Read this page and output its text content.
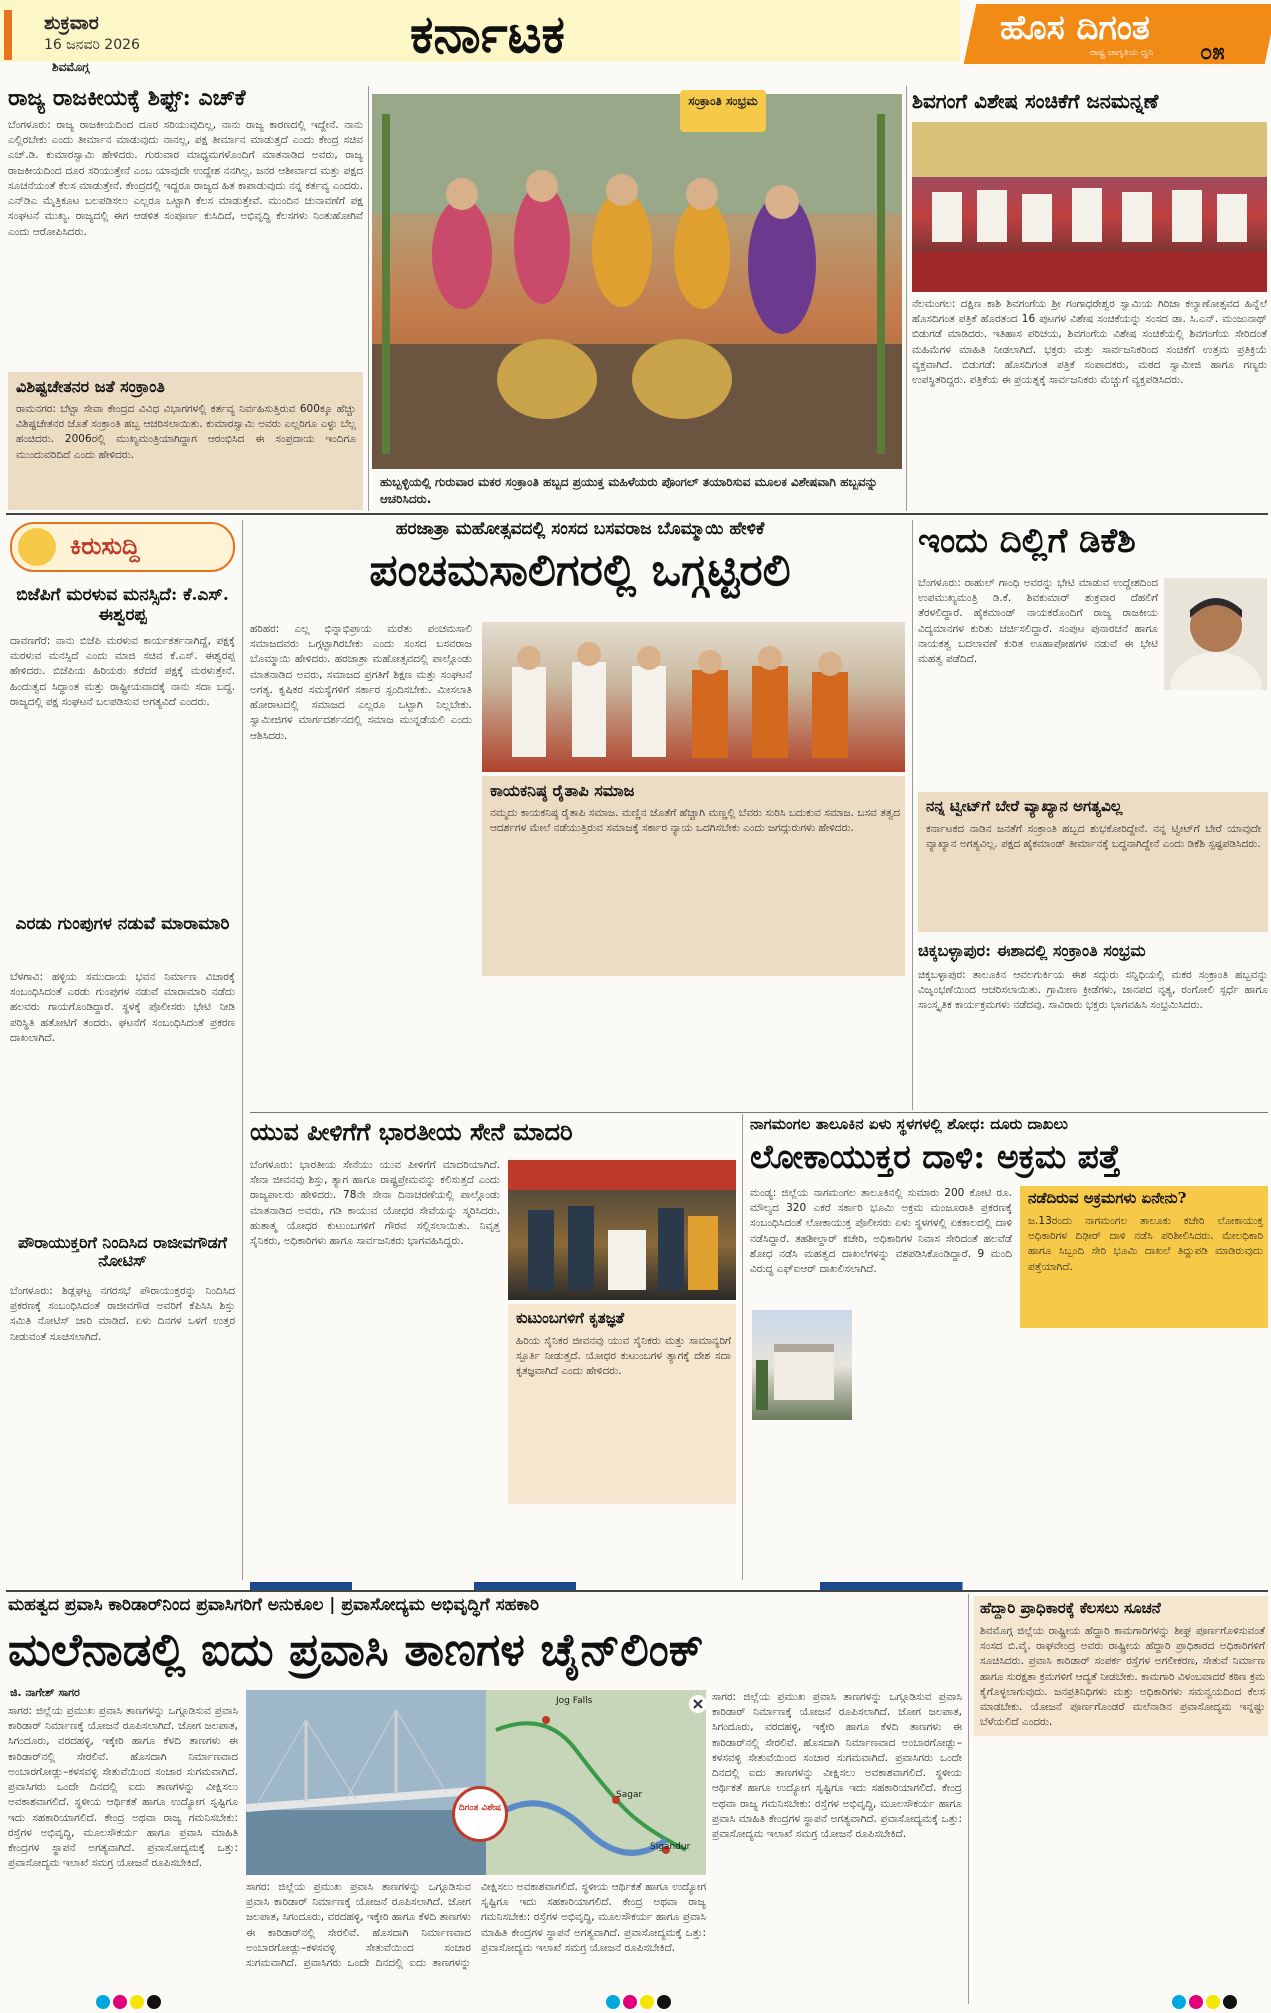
ಶುಕ್ರವಾರ
16 ಜನವರಿ 2026
ಶಿವಮೊಗ್ಗ
ಕರ್ನಾಟಕ	ಹೊಸ ದಿಗಂತ
ರಾಷ್ಟ್ರ ಜಾಗೃತಿಯ ಧ್ವನಿ ೦೫
ರಾಜ್ಯ ರಾಜಕೀಯಕ್ಕೆ ಶಿಫ್ಟ್: ಎಚ್‌ಕೆ
ಬೆಂಗಳೂರು: ರಾಜ್ಯ ರಾಜಕೀಯದಿಂದ ದೂರ ಸರಿಯುವುದಿಲ್ಲ, ನಾನು ರಾಜ್ಯ ಕಾರಣದಲ್ಲಿ ಇದ್ದೇನೆ. ನಾನು ಎಲ್ಲಿರಬೇಕು ಎಂದು ತೀರ್ಮಾನ ಮಾಡುವುದು ನಾನಲ್ಲ, ಪಕ್ಷ ತೀರ್ಮಾನ ಮಾಡುತ್ತದೆ ಎಂದು ಕೇಂದ್ರ ಸಚಿವ ಎಚ್.ಡಿ. ಕುಮಾರಸ್ವಾಮಿ ಹೇಳಿದರು. ಗುರುವಾರ ಮಾಧ್ಯಮಗಳೊಂದಿಗೆ ಮಾತನಾಡಿದ ಅವರು, ರಾಜ್ಯ ರಾಜಕೀಯದಿಂದ ದೂರ ಸರಿಯುತ್ತೇನೆ ಎಂಬ ಯಾವುದೇ ಉದ್ದೇಶ ನನಗಿಲ್ಲ. ಜನರ ಆಶೀರ್ವಾದ ಮತ್ತು ಪಕ್ಷದ ಸೂಚನೆಯಂತೆ ಕೆಲಸ ಮಾಡುತ್ತೇನೆ. ಕೇಂದ್ರದಲ್ಲಿ ಇದ್ದರೂ ರಾಜ್ಯದ ಹಿತ ಕಾಪಾಡುವುದು ನನ್ನ ಕರ್ತವ್ಯ ಎಂದರು. ಎನ್‌ಡಿಎ ಮೈತ್ರಿಕೂಟ ಬಲಪಡಿಸಲು ಎಲ್ಲರೂ ಒಟ್ಟಾಗಿ ಕೆಲಸ ಮಾಡುತ್ತೇವೆ. ಮುಂದಿನ ಚುನಾವಣೆಗೆ ಪಕ್ಷ ಸಂಘಟನೆ ಮುಖ್ಯ. ರಾಜ್ಯದಲ್ಲಿ ಈಗ ಆಡಳಿತ ಸಂಪೂರ್ಣ ಕುಸಿದಿದೆ, ಅಭಿವೃದ್ಧಿ ಕೆಲಸಗಳು ನಿಂತುಹೋಗಿವೆ ಎಂದು ಆರೋಪಿಸಿದರು.
ವಿಶಿಷ್ಟಚೇತನರ ಜತೆ ಸಂಕ್ರಾಂತಿ
ರಾಮನಗರ: ಬೆಟ್ಟಾ ಸೇವಾ ಕೇಂದ್ರದ ವಿವಿಧ ವಿಭಾಗಗಳಲ್ಲಿ ಕರ್ತವ್ಯ ನಿರ್ವಹಿಸುತ್ತಿರುವ 600ಕ್ಕೂ ಹೆಚ್ಚು ವಿಶಿಷ್ಟಚೇತನರ ಜೊತೆ ಸಂಕ್ರಾಂತಿ ಹಬ್ಬ ಆಚರಿಸಲಾಯಿತು. ಕುಮಾರಸ್ವಾಮಿ ಅವರು ಎಲ್ಲರಿಗೂ ಎಳ್ಳು ಬೆಲ್ಲ ಹಂಚಿದರು. 2006ರಲ್ಲಿ ಮುಖ್ಯಮಂತ್ರಿಯಾಗಿದ್ದಾಗ ಆರಂಭಿಸಿದ ಈ ಸಂಪ್ರದಾಯ ಇಂದಿಗೂ ಮುಂದುವರಿದಿದೆ ಎಂದು ಹೇಳಿದರು.
ಸಂಕ್ರಾಂತಿ ಸಂಭ್ರಮ
ಹುಬ್ಬಳ್ಳಿಯಲ್ಲಿ ಗುರುವಾರ ಮಕರ ಸಂಕ್ರಾಂತಿ ಹಬ್ಬದ ಪ್ರಯುಕ್ತ ಮಹಿಳೆಯರು ಪೊಂಗಲ್ ತಯಾರಿಸುವ ಮೂಲಕ ವಿಶೇಷವಾಗಿ ಹಬ್ಬವನ್ನು ಆಚರಿಸಿದರು.
ಶಿವಗಂಗೆ ವಿಶೇಷ ಸಂಚಿಕೆಗೆ ಜನಮನ್ನಣೆ
ನೆಲಮಂಗಲ: ದಕ್ಷಿಣ ಕಾಶಿ ಶಿವಗಂಗೆಯ ಶ್ರೀ ಗಂಗಾಧರೇಶ್ವರ ಸ್ವಾಮಿಯ ಗಿರಿಜಾ ಕಲ್ಯಾಣೋತ್ಸವದ ಹಿನ್ನೆಲೆ ಹೊಸದಿಗಂತ ಪತ್ರಿಕೆ ಹೊರತಂದ 16 ಪುಟಗಳ ವಿಶೇಷ ಸಂಚಿಕೆಯನ್ನು ಸಂಸದ ಡಾ. ಸಿ.ಎನ್. ಮಂಜುನಾಥ್ ಬಿಡುಗಡೆ ಮಾಡಿದರು. ಇತಿಹಾಸ ಪರಿಚಯ, ಶಿವಗಂಗೆಯ ವಿಶೇಷ ಸಂಚಿಕೆಯಲ್ಲಿ ಶಿವಗಂಗೆಯ ಸೇರಿದಂತೆ ಮಹಿಮೆಗಳ ಮಾಹಿತಿ ನೀಡಲಾಗಿದೆ. ಭಕ್ತರು ಮತ್ತು ಸಾರ್ವಜನಿಕರಿಂದ ಸಂಚಿಕೆಗೆ ಉತ್ತಮ ಪ್ರತಿಕ್ರಿಯೆ ವ್ಯಕ್ತವಾಗಿದೆ. ಬಿಡುಗಡೆ: ಹೊಸದಿಗಂತ ಪತ್ರಿಕೆ ಸಂಪಾದಕರು, ಮಠದ ಸ್ವಾಮೀಜಿ ಹಾಗೂ ಗಣ್ಯರು ಉಪಸ್ಥಿತರಿದ್ದರು. ಪತ್ರಿಕೆಯ ಈ ಪ್ರಯತ್ನಕ್ಕೆ ಸಾರ್ವಜನಿಕರು ಮೆಚ್ಚುಗೆ ವ್ಯಕ್ತಪಡಿಸಿದರು.
ಕಿರುಸುದ್ದಿ
ಬಿಜೆಪಿಗೆ ಮರಳುವ ಮನಸ್ಸಿದೆ: ಕೆ.ಎಸ್. ಈಶ್ವರಪ್ಪ
ದಾವಣಗೆರೆ: ನಾನು ಬಿಜೆಪಿ ಮರಳುವ ಕಾರ್ಯಕರ್ತನಾಗಿದ್ದೆ, ಪಕ್ಷಕ್ಕೆ ಮರಳುವ ಮನಸ್ಸಿದೆ ಎಂದು ಮಾಜಿ ಸಚಿವ ಕೆ.ಎಸ್. ಈಶ್ವರಪ್ಪ ಹೇಳಿದರು. ಬಿಜೆಪಿಯ ಹಿರಿಯರು ಕರೆದರೆ ಪಕ್ಷಕ್ಕೆ ಮರಳುತ್ತೇನೆ. ಹಿಂದುತ್ವದ ಸಿದ್ಧಾಂತ ಮತ್ತು ರಾಷ್ಟ್ರೀಯವಾದಕ್ಕೆ ನಾನು ಸದಾ ಬದ್ಧ. ರಾಜ್ಯದಲ್ಲಿ ಪಕ್ಷ ಸಂಘಟನೆ ಬಲಪಡಿಸುವ ಅಗತ್ಯವಿದೆ ಎಂದರು.
ಎರಡು ಗುಂಪುಗಳ ನಡುವೆ ಮಾರಾಮಾರಿ
ಬೆಳಗಾವಿ: ಹಳ್ಳಿಯ ಸಮುದಾಯ ಭವನ ನಿರ್ಮಾಣ ವಿಚಾರಕ್ಕೆ ಸಂಬಂಧಿಸಿದಂತೆ ಎರಡು ಗುಂಪುಗಳ ನಡುವೆ ಮಾರಾಮಾರಿ ನಡೆದು ಹಲವರು ಗಾಯಗೊಂಡಿದ್ದಾರೆ. ಸ್ಥಳಕ್ಕೆ ಪೊಲೀಸರು ಭೇಟಿ ನೀಡಿ ಪರಿಸ್ಥಿತಿ ಹತೋಟಿಗೆ ತಂದರು. ಘಟನೆಗೆ ಸಂಬಂಧಿಸಿದಂತೆ ಪ್ರಕರಣ ದಾಖಲಾಗಿದೆ.
ಪೌರಾಯುಕ್ತರಿಗೆ ನಿಂದಿಸಿದ ರಾಜೀವಗೌಡಗೆ ನೋಟಿಸ್
ಬೆಂಗಳೂರು: ಶಿಡ್ಲಘಟ್ಟ ನಗರಸಭೆ ಪೌರಾಯುಕ್ತರನ್ನು ನಿಂದಿಸಿದ ಪ್ರಕರಣಕ್ಕೆ ಸಂಬಂಧಿಸಿದಂತೆ ರಾಜೀವಗೌಡ ಅವರಿಗೆ ಕೆಪಿಸಿಸಿ ಶಿಸ್ತು ಸಮಿತಿ ನೋಟಿಸ್ ಜಾರಿ ಮಾಡಿದೆ. ಏಳು ದಿನಗಳ ಒಳಗೆ ಉತ್ತರ ನೀಡುವಂತೆ ಸೂಚಿಸಲಾಗಿದೆ.
ಹರಜಾತ್ರಾ ಮಹೋತ್ಸವದಲ್ಲಿ ಸಂಸದ ಬಸವರಾಜ ಬೊಮ್ಮಾಯಿ ಹೇಳಿಕೆ
ಪಂಚಮಸಾಲಿಗರಲ್ಲಿ ಒಗ್ಗಟ್ಟಿರಲಿ
ಹರಿಹರ: ಎಲ್ಲ ಭಿನ್ನಾಭಿಪ್ರಾಯ ಮರೆತು ಪಂಚಮಸಾಲಿ ಸಮಾಜದವರು ಒಗ್ಗಟ್ಟಾಗಿರಬೇಕು ಎಂದು ಸಂಸದ ಬಸವರಾಜ ಬೊಮ್ಮಾಯಿ ಹೇಳಿದರು. ಹರಜಾತ್ರಾ ಮಹೋತ್ಸವದಲ್ಲಿ ಪಾಲ್ಗೊಂಡು ಮಾತನಾಡಿದ ಅವರು, ಸಮಾಜದ ಪ್ರಗತಿಗೆ ಶಿಕ್ಷಣ ಮತ್ತು ಸಂಘಟನೆ ಅಗತ್ಯ. ಕೃಷಿಕರ ಸಮಸ್ಯೆಗಳಿಗೆ ಸರ್ಕಾರ ಸ್ಪಂದಿಸಬೇಕು. ಮೀಸಲಾತಿ ಹೋರಾಟದಲ್ಲಿ ಸಮಾಜದ ಎಲ್ಲರೂ ಒಟ್ಟಾಗಿ ನಿಲ್ಲಬೇಕು. ಸ್ವಾಮೀಜಿಗಳ ಮಾರ್ಗದರ್ಶನದಲ್ಲಿ ಸಮಾಜ ಮುನ್ನಡೆಯಲಿ ಎಂದು ಆಶಿಸಿದರು.
ಕಾಯಕನಿಷ್ಠ ರೈತಾಪಿ ಸಮಾಜ
ನಮ್ಮದು ಕಾಯಕನಿಷ್ಠ ರೈತಾಪಿ ಸಮಾಜ. ಮಣ್ಣಿನ ಜೊತೆಗೆ ಹೆಚ್ಚಾಗಿ ಮಣ್ಣಲ್ಲಿ ಬೆವರು ಸುರಿಸಿ ಬದುಕುವ ಸಮಾಜ. ಬಸವ ತತ್ವದ ಆದರ್ಶಗಳ ಮೇಲೆ ನಡೆಯುತ್ತಿರುವ ಸಮಾಜಕ್ಕೆ ಸರ್ಕಾರ ನ್ಯಾಯ ಒದಗಿಸಬೇಕು ಎಂದು ಜಗದ್ಗುರುಗಳು ಹೇಳಿದರು.
ಇಂದು ದಿಲ್ಲಿಗೆ ಡಿಕೆಶಿ
ಬೆಂಗಳೂರು: ರಾಹುಲ್ ಗಾಂಧಿ ಅವರನ್ನು ಭೇಟಿ ಮಾಡುವ ಉದ್ದೇಶದಿಂದ ಉಪಮುಖ್ಯಮಂತ್ರಿ ಡಿ.ಕೆ. ಶಿವಕುಮಾರ್ ಶುಕ್ರವಾರ ದೆಹಲಿಗೆ ತೆರಳಲಿದ್ದಾರೆ. ಹೈಕಮಾಂಡ್ ನಾಯಕರೊಂದಿಗೆ ರಾಜ್ಯ ರಾಜಕೀಯ ವಿದ್ಯಮಾನಗಳ ಕುರಿತು ಚರ್ಚಿಸಲಿದ್ದಾರೆ. ಸಂಪುಟ ಪುನಾರಚನೆ ಹಾಗೂ ನಾಯಕತ್ವ ಬದಲಾವಣೆ ಕುರಿತ ಊಹಾಪೋಹಗಳ ನಡುವೆ ಈ ಭೇಟಿ ಮಹತ್ವ ಪಡೆದಿದೆ.
ನನ್ನ ಟ್ವೀಟ್‌ಗೆ ಬೇರೆ ವ್ಯಾಖ್ಯಾನ ಅಗತ್ಯವಿಲ್ಲ
ಕರ್ನಾಟಕದ ನಾಡಿನ ಜನತೆಗೆ ಸಂಕ್ರಾಂತಿ ಹಬ್ಬದ ಶುಭಕೋರಿದ್ದೇನೆ. ನನ್ನ ಟ್ವೀಟ್‌ಗೆ ಬೇರೆ ಯಾವುದೇ ವ್ಯಾಖ್ಯಾನ ಅಗತ್ಯವಿಲ್ಲ. ಪಕ್ಷದ ಹೈಕಮಾಂಡ್ ತೀರ್ಮಾನಕ್ಕೆ ಬದ್ಧನಾಗಿದ್ದೇನೆ ಎಂದು ಡಿಕೆಶಿ ಸ್ಪಷ್ಟಪಡಿಸಿದರು.
ಚಿಕ್ಕಬಳ್ಳಾಪುರ: ಈಶಾದಲ್ಲಿ ಸಂಕ್ರಾಂತಿ ಸಂಭ್ರಮ
ಚಿಕ್ಕಬಳ್ಳಾಪುರ: ತಾಲೂಕಿನ ಆವಲಗುರ್ಕಿಯ ಈಶ ಸದ್ಗುರು ಸನ್ನಿಧಿಯಲ್ಲಿ ಮಕರ ಸಂಕ್ರಾಂತಿ ಹಬ್ಬವನ್ನು ವಿಜೃಂಭಣೆಯಿಂದ ಆಚರಿಸಲಾಯಿತು. ಗ್ರಾಮೀಣ ಕ್ರೀಡೆಗಳು, ಜಾನಪದ ನೃತ್ಯ, ರಂಗೋಲಿ ಸ್ಪರ್ಧೆ ಹಾಗೂ ಸಾಂಸ್ಕೃತಿಕ ಕಾರ್ಯಕ್ರಮಗಳು ನಡೆದವು. ಸಾವಿರಾರು ಭಕ್ತರು ಭಾಗವಹಿಸಿ ಸಂಭ್ರಮಿಸಿದರು.
ಯುವ ಪೀಳಿಗೆಗೆ ಭಾರತೀಯ ಸೇನೆ ಮಾದರಿ
ಬೆಂಗಳೂರು: ಭಾರತೀಯ ಸೇನೆಯು ಯುವ ಪೀಳಿಗೆಗೆ ಮಾದರಿಯಾಗಿದೆ. ಸೇನಾ ಜೀವನವು ಶಿಸ್ತು, ತ್ಯಾಗ ಹಾಗೂ ರಾಷ್ಟ್ರಪ್ರೇಮವನ್ನು ಕಲಿಸುತ್ತದೆ ಎಂದು ರಾಜ್ಯಪಾಲರು ಹೇಳಿದರು. 78ನೇ ಸೇನಾ ದಿನಾಚರಣೆಯಲ್ಲಿ ಪಾಲ್ಗೊಂಡು ಮಾತನಾಡಿದ ಅವರು, ಗಡಿ ಕಾಯುವ ಯೋಧರ ಸೇವೆಯನ್ನು ಸ್ಮರಿಸಿದರು. ಹುತಾತ್ಮ ಯೋಧರ ಕುಟುಂಬಗಳಿಗೆ ಗೌರವ ಸಲ್ಲಿಸಲಾಯಿತು. ನಿವೃತ್ತ ಸೈನಿಕರು, ಅಧಿಕಾರಿಗಳು ಹಾಗೂ ಸಾರ್ವಜನಿಕರು ಭಾಗವಹಿಸಿದ್ದರು.
ಕುಟುಂಬಗಳಿಗೆ ಕೃತಜ್ಞತೆ
ಹಿರಿಯ ಸೈನಿಕರ ಜೀವನವು ಯುವ ಸೈನಿಕರು ಮತ್ತು ಸಾಮಾನ್ಯರಿಗೆ ಸ್ಪೂರ್ತಿ ನೀಡುತ್ತದೆ. ಯೋಧರ ಕುಟುಂಬಗಳ ತ್ಯಾಗಕ್ಕೆ ದೇಶ ಸದಾ ಕೃತಜ್ಞವಾಗಿದೆ ಎಂದು ಹೇಳಿದರು.
ನಾಗಮಂಗಲ ತಾಲೂಕಿನ ಏಳು ಸ್ಥಳಗಳಲ್ಲಿ ಶೋಧ: ದೂರು ದಾಖಲು
ಲೋಕಾಯುಕ್ತರ ದಾಳಿ: ಅಕ್ರಮ ಪತ್ತೆ
ಮಂಡ್ಯ: ಜಿಲ್ಲೆಯ ನಾಗಮಂಗಲ ತಾಲೂಕಿನಲ್ಲಿ ಸುಮಾರು 200 ಕೋಟಿ ರೂ. ಮೌಲ್ಯದ 320 ಎಕರೆ ಸರ್ಕಾರಿ ಭೂಮಿ ಅಕ್ರಮ ಮಂಜೂರಾತಿ ಪ್ರಕರಣಕ್ಕೆ ಸಂಬಂಧಿಸಿದಂತೆ ಲೋಕಾಯುಕ್ತ ಪೊಲೀಸರು ಏಳು ಸ್ಥಳಗಳಲ್ಲಿ ಏಕಕಾಲದಲ್ಲಿ ದಾಳಿ ನಡೆಸಿದ್ದಾರೆ. ತಹಶೀಲ್ದಾರ್ ಕಚೇರಿ, ಅಧಿಕಾರಿಗಳ ನಿವಾಸ ಸೇರಿದಂತೆ ಹಲವೆಡೆ ಶೋಧ ನಡೆಸಿ ಮಹತ್ವದ ದಾಖಲೆಗಳನ್ನು ವಶಪಡಿಸಿಕೊಂಡಿದ್ದಾರೆ. 9 ಮಂದಿ ವಿರುದ್ಧ ಎಫ್ಐಆರ್ ದಾಖಲಿಸಲಾಗಿದೆ.
ನಡೆದಿರುವ ಅಕ್ರಮಗಳು ಏನೇನು?
ಜ.13ರಂದು ನಾಗಮಂಗಲ ತಾಲೂಕು ಕಚೇರಿ ಲೋಕಾಯುಕ್ತ ಅಧಿಕಾರಿಗಳ ದಿಢೀರ್ ದಾಳಿ ನಡೆಸಿ ಪರಿಶೀಲಿಸಿದರು. ಮೇಲಧಿಕಾರಿ ಹಾಗೂ ಸಿಬ್ಬಂದಿ ಸೇರಿ ಭೂಮಿ ದಾಖಲೆ ತಿದ್ದುಪಡಿ ಮಾಡಿರುವುದು ಪತ್ತೆಯಾಗಿದೆ.
ಮಹತ್ವದ ಪ್ರವಾಸಿ ಕಾರಿಡಾರ್‌ನಿಂದ ಪ್ರವಾಸಿಗರಿಗೆ ಅನುಕೂಲ | ಪ್ರವಾಸೋದ್ಯಮ ಅಭಿವೃದ್ಧಿಗೆ ಸಹಕಾರಿ
ಮಲೆನಾಡಲ್ಲಿ ಐದು ಪ್ರವಾಸಿ ತಾಣಗಳ ಚೈನ್‌ಲಿಂಕ್
ಜಿ. ನಾಗೇಶ್ ಸಾಗರ
ಸಾಗರ: ಜಿಲ್ಲೆಯ ಪ್ರಮುಖ ಪ್ರವಾಸಿ ತಾಣಗಳನ್ನು ಒಗ್ಗೂಡಿಸುವ ಪ್ರವಾಸಿ ಕಾರಿಡಾರ್ ನಿರ್ಮಾಣಕ್ಕೆ ಯೋಜನೆ ರೂಪಿಸಲಾಗಿದೆ. ಜೋಗ ಜಲಪಾತ, ಸಿಗಂದೂರು, ವರದಹಳ್ಳಿ, ಇಕ್ಕೇರಿ ಹಾಗೂ ಕೆಳದಿ ತಾಣಗಳು ಈ ಕಾರಿಡಾರ್‌ನಲ್ಲಿ ಸೇರಲಿವೆ. ಹೊಸದಾಗಿ ನಿರ್ಮಾಣವಾದ ಅಂಬಾರಗೋಡ್ಲು–ಕಳಸವಳ್ಳಿ ಸೇತುವೆಯಿಂದ ಸಂಚಾರ ಸುಗಮವಾಗಿದೆ. ಪ್ರವಾಸಿಗರು ಒಂದೇ ದಿನದಲ್ಲಿ ಐದು ತಾಣಗಳನ್ನು ವೀಕ್ಷಿಸಲು ಅವಕಾಶವಾಗಲಿದೆ. ಸ್ಥಳೀಯ ಆರ್ಥಿಕತೆ ಹಾಗೂ ಉದ್ಯೋಗ ಸೃಷ್ಟಿಗೂ ಇದು ಸಹಕಾರಿಯಾಗಲಿದೆ. ಕೇಂದ್ರ ಅಥವಾ ರಾಜ್ಯ ಗಮನಿಸಬೇಕು: ರಸ್ತೆಗಳ ಅಭಿವೃದ್ಧಿ, ಮೂಲಸೌಕರ್ಯ ಹಾಗೂ ಪ್ರವಾಸಿ ಮಾಹಿತಿ ಕೇಂದ್ರಗಳ ಸ್ಥಾಪನೆ ಅಗತ್ಯವಾಗಿದೆ. ಪ್ರವಾಸೋದ್ಯಮಕ್ಕೆ ಒತ್ತು: ಪ್ರವಾಸೋದ್ಯಮ ಇಲಾಖೆ ಸಮಗ್ರ ಯೋಜನೆ ರೂಪಿಸಬೇಕಿದೆ.
Jog Falls
Sagar
Sigandur
ದಿಗಂತ ವಿಶೇಷ
ಸಾಗರ: ಜಿಲ್ಲೆಯ ಪ್ರಮುಖ ಪ್ರವಾಸಿ ತಾಣಗಳನ್ನು ಒಗ್ಗೂಡಿಸುವ ಪ್ರವಾಸಿ ಕಾರಿಡಾರ್ ನಿರ್ಮಾಣಕ್ಕೆ ಯೋಜನೆ ರೂಪಿಸಲಾಗಿದೆ. ಜೋಗ ಜಲಪಾತ, ಸಿಗಂದೂರು, ವರದಹಳ್ಳಿ, ಇಕ್ಕೇರಿ ಹಾಗೂ ಕೆಳದಿ ತಾಣಗಳು ಈ ಕಾರಿಡಾರ್‌ನಲ್ಲಿ ಸೇರಲಿವೆ. ಹೊಸದಾಗಿ ನಿರ್ಮಾಣವಾದ ಅಂಬಾರಗೋಡ್ಲು–ಕಳಸವಳ್ಳಿ ಸೇತುವೆಯಿಂದ ಸಂಚಾರ ಸುಗಮವಾಗಿದೆ. ಪ್ರವಾಸಿಗರು ಒಂದೇ ದಿನದಲ್ಲಿ ಐದು ತಾಣಗಳನ್ನು ವೀಕ್ಷಿಸಲು ಅವಕಾಶವಾಗಲಿದೆ. ಸ್ಥಳೀಯ ಆರ್ಥಿಕತೆ ಹಾಗೂ ಉದ್ಯೋಗ ಸೃಷ್ಟಿಗೂ ಇದು ಸಹಕಾರಿಯಾಗಲಿದೆ. ಕೇಂದ್ರ ಅಥವಾ ರಾಜ್ಯ ಗಮನಿಸಬೇಕು: ರಸ್ತೆಗಳ ಅಭಿವೃದ್ಧಿ, ಮೂಲಸೌಕರ್ಯ ಹಾಗೂ ಪ್ರವಾಸಿ ಮಾಹಿತಿ ಕೇಂದ್ರಗಳ ಸ್ಥಾಪನೆ ಅಗತ್ಯವಾಗಿದೆ. ಪ್ರವಾಸೋದ್ಯಮಕ್ಕೆ ಒತ್ತು: ಪ್ರವಾಸೋದ್ಯಮ ಇಲಾಖೆ ಸಮಗ್ರ ಯೋಜನೆ ರೂಪಿಸಬೇಕಿದೆ.
ಸಾಗರ: ಜಿಲ್ಲೆಯ ಪ್ರಮುಖ ಪ್ರವಾಸಿ ತಾಣಗಳನ್ನು ಒಗ್ಗೂಡಿಸುವ ಪ್ರವಾಸಿ ಕಾರಿಡಾರ್ ನಿರ್ಮಾಣಕ್ಕೆ ಯೋಜನೆ ರೂಪಿಸಲಾಗಿದೆ. ಜೋಗ ಜಲಪಾತ, ಸಿಗಂದೂರು, ವರದಹಳ್ಳಿ, ಇಕ್ಕೇರಿ ಹಾಗೂ ಕೆಳದಿ ತಾಣಗಳು ಈ ಕಾರಿಡಾರ್‌ನಲ್ಲಿ ಸೇರಲಿವೆ. ಹೊಸದಾಗಿ ನಿರ್ಮಾಣವಾದ ಅಂಬಾರಗೋಡ್ಲು–ಕಳಸವಳ್ಳಿ ಸೇತುವೆಯಿಂದ ಸಂಚಾರ ಸುಗಮವಾಗಿದೆ. ಪ್ರವಾಸಿಗರು ಒಂದೇ ದಿನದಲ್ಲಿ ಐದು ತಾಣಗಳನ್ನು ವೀಕ್ಷಿಸಲು ಅವಕಾಶವಾಗಲಿದೆ. ಸ್ಥಳೀಯ ಆರ್ಥಿಕತೆ ಹಾಗೂ ಉದ್ಯೋಗ ಸೃಷ್ಟಿಗೂ ಇದು ಸಹಕಾರಿಯಾಗಲಿದೆ. ಕೇಂದ್ರ ಅಥವಾ ರಾಜ್ಯ ಗಮನಿಸಬೇಕು: ರಸ್ತೆಗಳ ಅಭಿವೃದ್ಧಿ, ಮೂಲಸೌಕರ್ಯ ಹಾಗೂ ಪ್ರವಾಸಿ ಮಾಹಿತಿ ಕೇಂದ್ರಗಳ ಸ್ಥಾಪನೆ ಅಗತ್ಯವಾಗಿದೆ. ಪ್ರವಾಸೋದ್ಯಮಕ್ಕೆ ಒತ್ತು: ಪ್ರವಾಸೋದ್ಯಮ ಇಲಾಖೆ ಸಮಗ್ರ ಯೋಜನೆ ರೂಪಿಸಬೇಕಿದೆ.
ಹೆದ್ದಾರಿ ಪ್ರಾಧಿಕಾರಕ್ಕೆ ಕೆಲಸಲು ಸೂಚನೆ
ಶಿವಮೊಗ್ಗ ಜಿಲ್ಲೆಯ ರಾಷ್ಟ್ರೀಯ ಹೆದ್ದಾರಿ ಕಾಮಗಾರಿಗಳನ್ನು ಶೀಘ್ರ ಪೂರ್ಣಗೊಳಿಸುವಂತೆ ಸಂಸದ ಬಿ.ವೈ. ರಾಘವೇಂದ್ರ ಅವರು ರಾಷ್ಟ್ರೀಯ ಹೆದ್ದಾರಿ ಪ್ರಾಧಿಕಾರದ ಅಧಿಕಾರಿಗಳಿಗೆ ಸೂಚಿಸಿದರು. ಪ್ರವಾಸಿ ಕಾರಿಡಾರ್ ಸಂಪರ್ಕ ರಸ್ತೆಗಳ ಅಗಲೀಕರಣ, ಸೇತುವೆ ನಿರ್ಮಾಣ ಹಾಗೂ ಸುರಕ್ಷತಾ ಕ್ರಮಗಳಿಗೆ ಆದ್ಯತೆ ನೀಡಬೇಕು. ಕಾಮಗಾರಿ ವಿಳಂಬವಾದರೆ ಕಠಿಣ ಕ್ರಮ ಕೈಗೊಳ್ಳಲಾಗುವುದು. ಜನಪ್ರತಿನಿಧಿಗಳು ಮತ್ತು ಅಧಿಕಾರಿಗಳು ಸಮನ್ವಯದಿಂದ ಕೆಲಸ ಮಾಡಬೇಕು. ಯೋಜನೆ ಪೂರ್ಣಗೊಂಡರೆ ಮಲೆನಾಡಿನ ಪ್ರವಾಸೋದ್ಯಮ ಇನ್ನಷ್ಟು ಬೆಳೆಯಲಿದೆ ಎಂದರು.
